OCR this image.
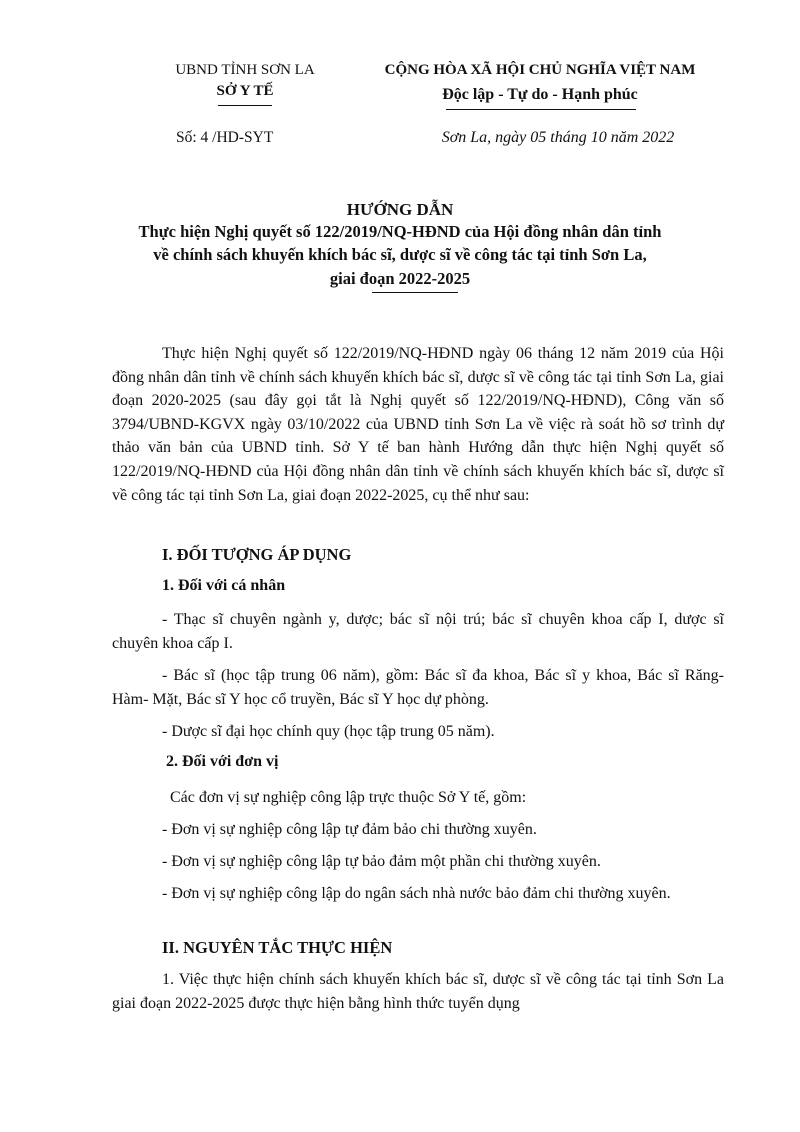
UBND TỈNH SƠN LA
SỞ Y TẾ
CỘNG HÒA XÃ HỘI CHỦ NGHĨA VIỆT NAM
Độc lập - Tự do - Hạnh phúc
Số: 4 /HD-SYT	Sơn La, ngày 05 tháng 10 năm 2022
HƯỚNG DẪN
Thực hiện Nghị quyết số 122/2019/NQ-HĐND của Hội đồng nhân dân tỉnh
về chính sách khuyến khích bác sĩ, dược sĩ về công tác tại tỉnh Sơn La,
giai đoạn 2022-2025

Thực hiện Nghị quyết số 122/2019/NQ-HĐND ngày 06 tháng 12 năm 2019 của Hội đồng nhân dân tỉnh về chính sách khuyến khích bác sĩ, dược sĩ về công tác tại tỉnh Sơn La, giai đoạn 2020-2025 (sau đây gọi tắt là Nghị quyết số 122/2019/NQ-HĐND), Công văn số 3794/UBND-KGVX ngày 03/10/2022 của UBND tỉnh Sơn La về việc rà soát hồ sơ trình dự thảo văn bản của UBND tỉnh. Sở Y tế ban hành Hướng dẫn thực hiện Nghị quyết số 122/2019/NQ-HĐND của Hội đồng nhân dân tỉnh về chính sách khuyến khích bác sĩ, dược sĩ về công tác tại tỉnh Sơn La, giai đoạn 2022-2025, cụ thể như sau:

I. ĐỐI TƯỢNG ÁP DỤNG
1. Đối với cá nhân

- Thạc sĩ chuyên ngành y, dược; bác sĩ nội trú; bác sĩ chuyên khoa cấp I, dược sĩ chuyên khoa cấp I.

- Bác sĩ (học tập trung 06 năm), gồm: Bác sĩ đa khoa, Bác sĩ y khoa, Bác sĩ Răng- Hàm- Mặt, Bác sĩ Y học cổ truyền, Bác sĩ Y học dự phòng.

- Dược sĩ đại học chính quy (học tập trung 05 năm).

2. Đối với đơn vị

Các đơn vị sự nghiệp công lập trực thuộc Sở Y tế, gồm:

- Đơn vị sự nghiệp công lập tự đảm bảo chi thường xuyên.

- Đơn vị sự nghiệp công lập tự bảo đảm một phần chi thường xuyên.

- Đơn vị sự nghiệp công lập do ngân sách nhà nước bảo đảm chi thường xuyên.

II. NGUYÊN TẮC THỰC HIỆN

1. Việc thực hiện chính sách khuyến khích bác sĩ, dược sĩ về công tác tại tỉnh Sơn La giai đoạn 2022-2025 được thực hiện bằng hình thức tuyển dụng
